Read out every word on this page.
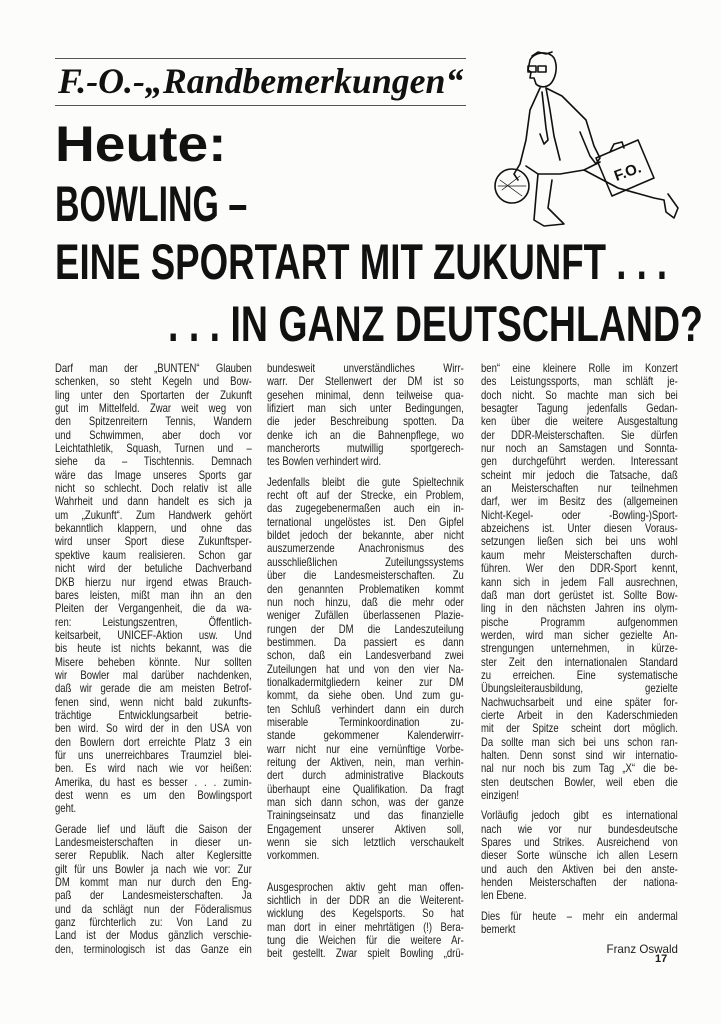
F.-O.-„Randbemerkungen“
Heute:
BOWLING –
EINE SPORTART MIT ZUKUNFT . . .
. . . IN GANZ DEUTSCHLAND?
F.O.
Darf man der „BUNTEN“ Glauben
schenken, so steht Kegeln und Bow-
ling unter den Sportarten der Zukunft
gut im Mittelfeld. Zwar weit weg von
den Spitzenreitern Tennis, Wandern
und Schwimmen, aber doch vor
Leichtathletik, Squash, Turnen und –
siehe da – Tischtennis. Demnach
wäre das Image unseres Sports gar
nicht so schlecht. Doch relativ ist alle
Wahrheit und dann handelt es sich ja
um „Zukunft“. Zum Handwerk gehört
bekanntlich klappern, und ohne das
wird unser Sport diese Zukunftsper-
spektive kaum realisieren. Schon gar
nicht wird der betuliche Dachverband
DKB hierzu nur irgend etwas Brauch-
bares leisten, mißt man ihn an den
Pleiten der Vergangenheit, die da wa-
ren: Leistungszentren, Öffentlich-
keitsarbeit, UNICEF-Aktion usw. Und
bis heute ist nichts bekannt, was die
Misere beheben könnte. Nur sollten
wir Bowler mal darüber nachdenken,
daß wir gerade die am meisten Betrof-
fenen sind, wenn nicht bald zukunfts-
trächtige Entwicklungsarbeit betrie-
ben wird. So wird der in den USA von
den Bowlern dort erreichte Platz 3 ein
für uns unerreichbares Traumziel blei-
ben. Es wird nach wie vor heißen:
Amerika, du hast es besser . . . zumin-
dest wenn es um den Bowlingsport
geht.
Gerade lief und läuft die Saison der
Landesmeisterschaften in dieser un-
serer Republik. Nach alter Keglersitte
gilt für uns Bowler ja nach wie vor: Zur
DM kommt man nur durch den Eng-
paß der Landesmeisterschaften. Ja
und da schlägt nun der Föderalismus
ganz fürchterlich zu: Von Land zu
Land ist der Modus gänzlich verschie-
den, terminologisch ist das Ganze ein
bundesweit unverständliches Wirr-
warr. Der Stellenwert der DM ist so
gesehen minimal, denn teilweise qua-
lifiziert man sich unter Bedingungen,
die jeder Beschreibung spotten. Da
denke ich an die Bahnenpflege, wo
mancherorts mutwillig sportgerech-
tes Bowlen verhindert wird.
Jedenfalls bleibt die gute Spieltechnik
recht oft auf der Strecke, ein Problem,
das zugegebenermaßen auch ein in-
ternational ungelöstes ist. Den Gipfel
bildet jedoch der bekannte, aber nicht
auszumerzende Anachronismus des
ausschließlichen Zuteilungssystems
über die Landesmeisterschaften. Zu
den genannten Problematiken kommt
nun noch hinzu, daß die mehr oder
weniger Zufällen überlassenen Plazie-
rungen der DM die Landeszuteilung
bestimmen. Da passiert es dann
schon, daß ein Landesverband zwei
Zuteilungen hat und von den vier Na-
tionalkadermitgliedern keiner zur DM
kommt, da siehe oben. Und zum gu-
ten Schluß verhindert dann ein durch
miserable Terminkoordination zu-
stande gekommener Kalenderwirr-
warr nicht nur eine vernünftige Vorbe-
reitung der Aktiven, nein, man verhin-
dert durch administrative Blackouts
überhaupt eine Qualifikation. Da fragt
man sich dann schon, was der ganze
Trainingseinsatz und das finanzielle
Engagement unserer Aktiven soll,
wenn sie sich letztlich verschaukelt
vorkommen.
Ausgesprochen aktiv geht man offen-
sichtlich in der DDR an die Weiterent-
wicklung des Kegelsports. So hat
man dort in einer mehrtätigen (!) Bera-
tung die Weichen für die weitere Ar-
beit gestellt. Zwar spielt Bowling „drü-
ben“ eine kleinere Rolle im Konzert
des Leistungssports, man schläft je-
doch nicht. So machte man sich bei
besagter Tagung jedenfalls Gedan-
ken über die weitere Ausgestaltung
der DDR-Meisterschaften. Sie dürfen
nur noch an Samstagen und Sonnta-
gen durchgeführt werden. Interessant
scheint mir jedoch die Tatsache, daß
an Meisterschaften nur teilnehmen
darf, wer im Besitz des (allgemeinen
Nicht-Kegel- oder -Bowling-)Sport-
abzeichens ist. Unter diesen Voraus-
setzungen ließen sich bei uns wohl
kaum mehr Meisterschaften durch-
führen. Wer den DDR-Sport kennt,
kann sich in jedem Fall ausrechnen,
daß man dort gerüstet ist. Sollte Bow-
ling in den nächsten Jahren ins olym-
pische Programm aufgenommen
werden, wird man sicher gezielte An-
strengungen unternehmen, in kürze-
ster Zeit den internationalen Standard
zu erreichen. Eine systematische
Übungsleiterausbildung, gezielte
Nachwuchsarbeit und eine später for-
cierte Arbeit in den Kaderschmieden
mit der Spitze scheint dort möglich.
Da sollte man sich bei uns schon ran-
halten. Denn sonst sind wir internatio-
nal nur noch bis zum Tag „X“ die be-
sten deutschen Bowler, weil eben die
einzigen!
Vorläufig jedoch gibt es international
nach wie vor nur bundesdeutsche
Spares und Strikes. Ausreichend von
dieser Sorte wünsche ich allen Lesern
und auch den Aktiven bei den anste-
henden Meisterschaften der nationa-
len Ebene.
Dies für heute – mehr ein andermal
bemerkt
Franz Oswald
17
